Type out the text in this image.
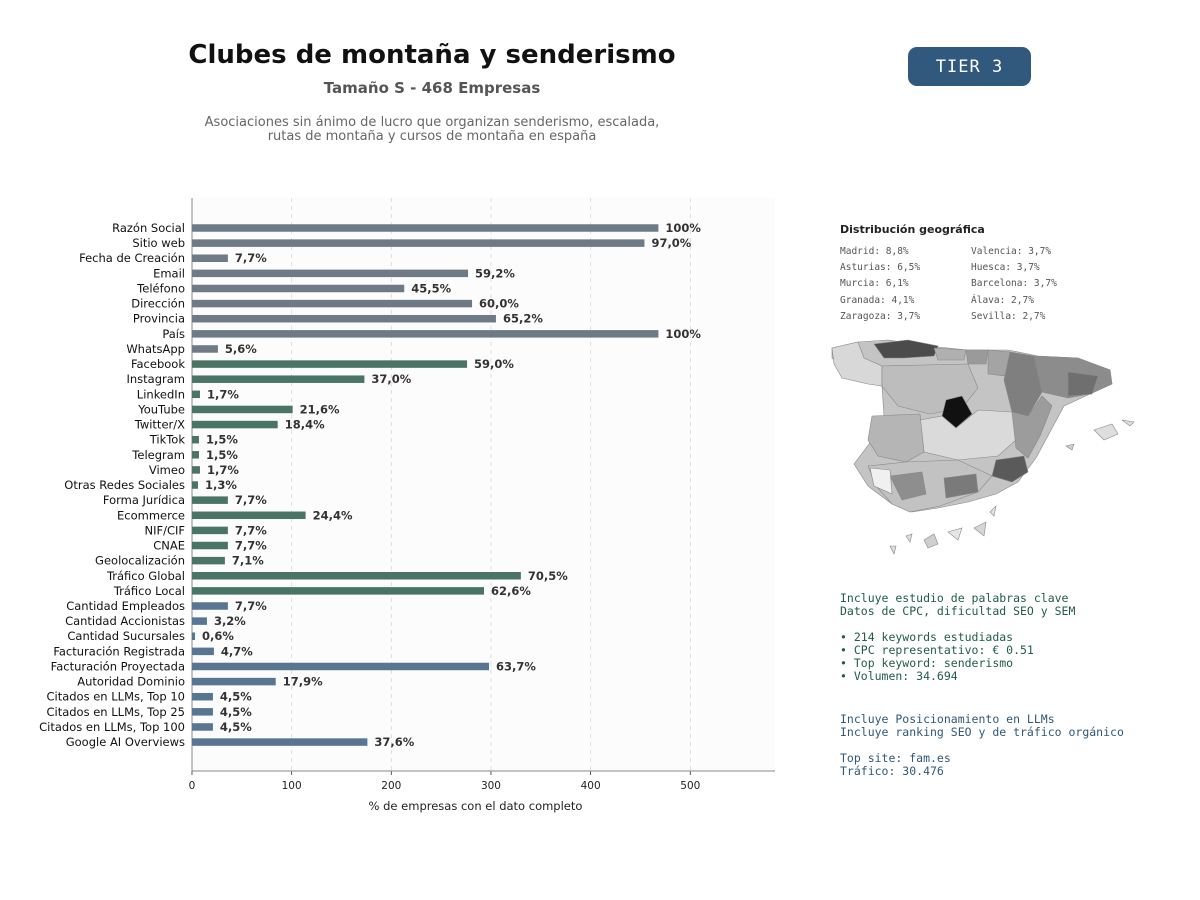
Clubes de montaña y senderismo
Tamaño S - 468 Empresas
Asociaciones sin ánimo de lucro que organizan senderismo, escalada,
rutas de montaña y cursos de montaña en españa
TIER 3
0	100	200	300	400	500
Razón Social	100%
Sitio web	97,0%
Fecha de Creación	7,7%
Email	59,2%
Teléfono	45,5%
Dirección	60,0%
Provincia	65,2%
País	100%
WhatsApp	5,6%
Facebook	59,0%
Instagram	37,0%
LinkedIn 1,7%
YouTube	21,6%
Twitter/X	18,4%
TikTok 1,5%
Telegram 1,5%
Vimeo 1,7%
Otras Redes Sociales 1,3%
Forma Jurídica	7,7%
Ecommerce	24,4%
NIF/CIF	7,7%
CNAE	7,7%
Geolocalización	7,1%
Tráfico Global	70,5%
Tráfico Local	62,6%
Cantidad Empleados	7,7%
Cantidad Accionistas	3,2%
Cantidad Sucursales 0,6%
Facturación Registrada	4,7%
Facturación Proyectada	63,7%
Autoridad Dominio	17,9%
Citados en LLMs, Top 10	4,5%
Citados en LLMs, Top 25	4,5%
Citados en LLMs, Top 100	4,5%
Google AI Overviews	37,6%
% de empresas con el dato completo
Distribución geográfica
Madrid: 8,8%	Valencia: 3,7%
Asturias: 6,5%	Huesca: 3,7%
Murcia: 6,1%	Barcelona: 3,7%
Granada: 4,1%	Álava: 2,7%
Zaragoza: 3,7%	Sevilla: 2,7%
Incluye estudio de palabras clave
Datos de CPC, dificultad SEO y SEM
• 214 keywords estudiadas
• CPC representativo: € 0.51
• Top keyword: senderismo
• Volumen: 34.694
Incluye Posicionamiento en LLMs
Incluye ranking SEO y de tráfico orgánico
Top site: fam.es
Tráfico: 30.476
